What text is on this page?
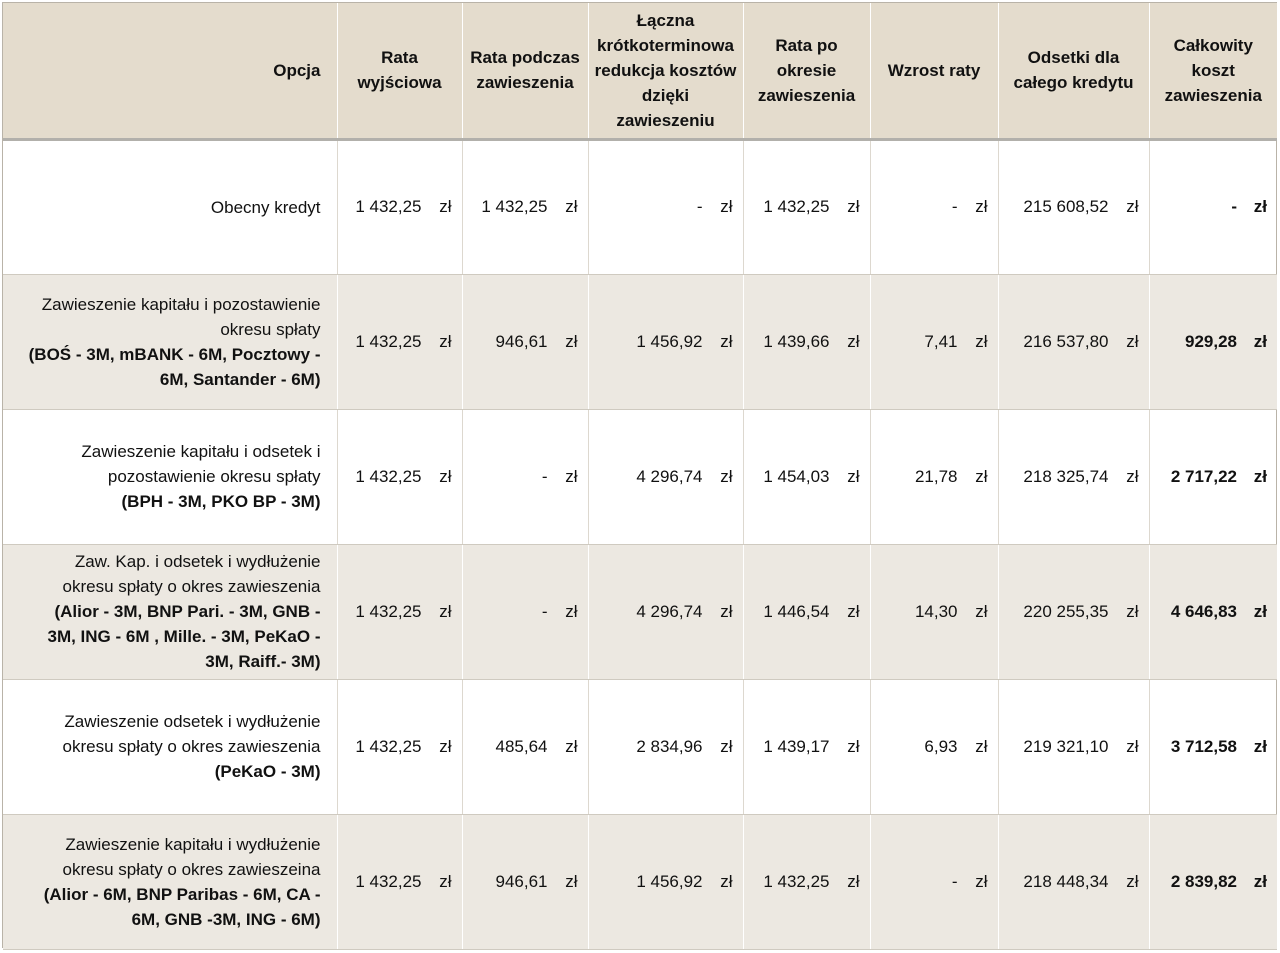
Opcja	Rata wyjściowa	Rata podczas zawieszenia	Łączna krótkoterminowa redukcja kosztów dzięki zawieszeniu	Rata po okresie zawieszenia	Wzrost raty	Odsetki dla całego kredytu	Całkowity koszt zawieszenia

Obecny kredyt	1 432,25 zł	1 432,25 zł	- zł	1 432,25 zł	- zł	215 608,52 zł	- zł

Zawieszenie kapitału i pozostawienie
okresu spłaty
(BOŚ - 3M, mBANK - 6M, Pocztowy -
6M, Santander - 6M)	1 432,25 zł	946,61 zł	1 456,92 zł	1 439,66 zł	7,41 zł	216 537,80 zł	929,28 zł

Zawieszenie kapitału i odsetek i
pozostawienie okresu spłaty
(BPH - 3M, PKO BP - 3M)	1 432,25 zł	- zł	4 296,74 zł	1 454,03 zł	21,78 zł	218 325,74 zł	2 717,22 zł

Zaw. Kap. i odsetek i wydłużenie
okresu spłaty o okres zawieszenia
(Alior - 3M, BNP Pari. - 3M, GNB -
3M, ING - 6M , Mille. - 3M, PeKaO -
3M, Raiff.- 3M)	1 432,25 zł	- zł	4 296,74 zł	1 446,54 zł	14,30 zł	220 255,35 zł	4 646,83 zł

Zawieszenie odsetek i wydłużenie
okresu spłaty o okres zawieszenia
(PeKaO - 3M)	1 432,25 zł	485,64 zł	2 834,96 zł	1 439,17 zł	6,93 zł	219 321,10 zł	3 712,58 zł

Zawieszenie kapitału i wydłużenie
okresu spłaty o okres zawieszeina
(Alior - 6M, BNP Paribas - 6M, CA -
6M, GNB -3M, ING - 6M)	1 432,25 zł	946,61 zł	1 456,92 zł	1 432,25 zł	- zł	218 448,34 zł	2 839,82 zł
